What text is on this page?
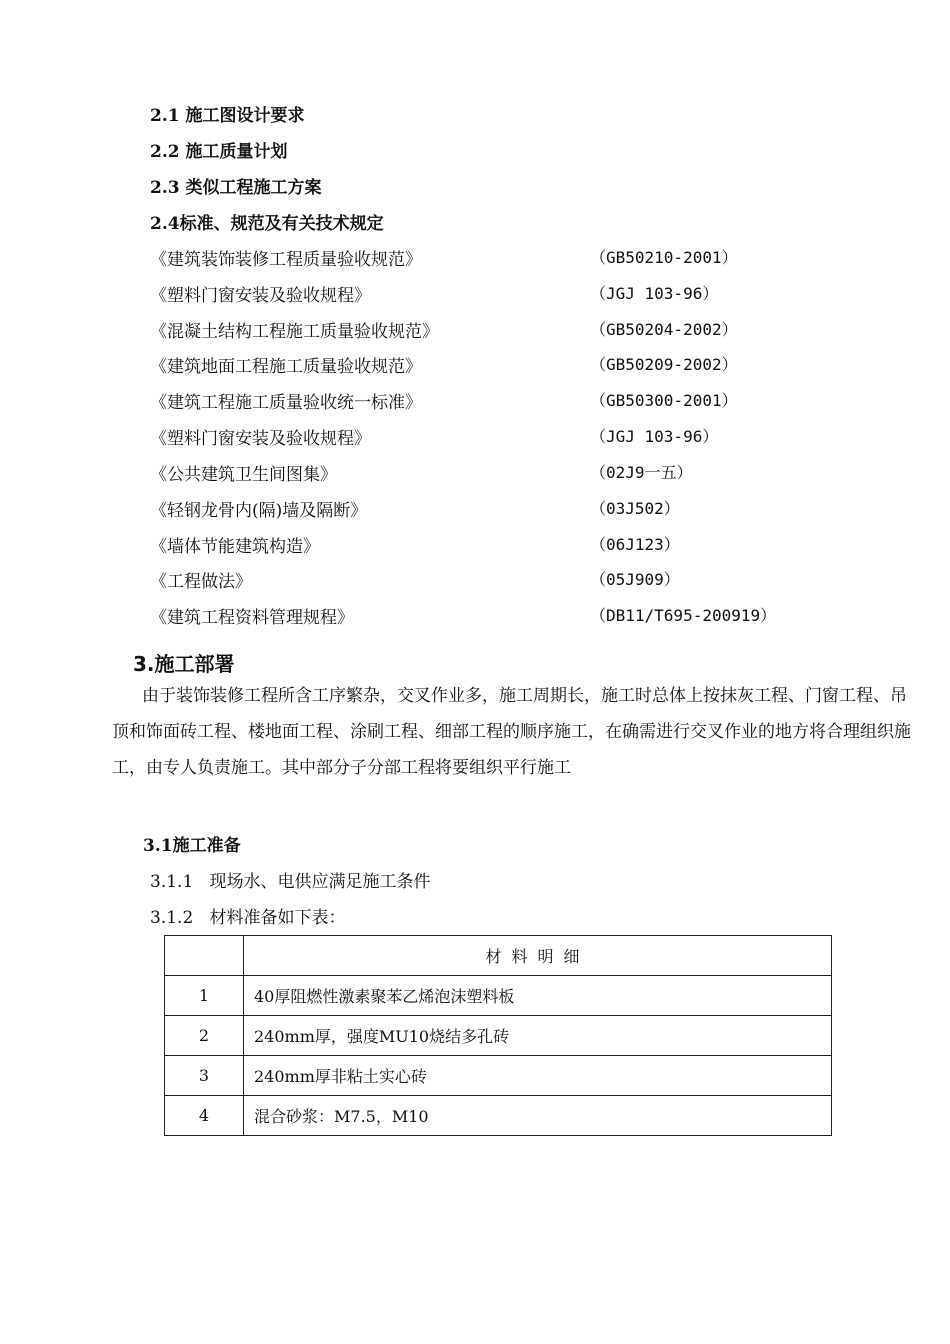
2.1 施工图设计要求
2.2 施工质量计划
2.3 类似工程施工方案
2.4标准、规范及有关技术规定
《建筑装饰装修工程质量验收规范》	（GB50210-2001）
《塑料门窗安装及验收规程》	（JGJ 103-96）
《混凝土结构工程施工质量验收规范》	（GB50204-2002）
《建筑地面工程施工质量验收规范》	（GB50209-2002）
《建筑工程施工质量验收统一标准》	（GB50300-2001）
《塑料门窗安装及验收规程》	（JGJ 103-96）
《公共建筑卫生间图集》	（02J9一五）
《轻钢龙骨内(隔)墙及隔断》	（03J502）
《墙体节能建筑构造》	（06J123）
《工程做法》	（05J909）
《建筑工程资料管理规程》	（DB11/T695-200919）
3.施工部署
由于装饰装修工程所含工序繁杂，交叉作业多，施工周期长，施工时总体上按抹灰工程、门窗工程、吊顶和饰面砖工程、楼地面工程、涂刷工程、细部工程的顺序施工，在确需进行交叉作业的地方将合理组织施工，由专人负责施工。其中部分子分部工程将要组织平行施工
3.1施工准备
3.1.1   现场水、电供应满足施工条件
3.1.2   材料准备如下表：
	材料明细
1	40厚阻燃性激素聚苯乙烯泡沫塑料板
2	240mm厚，强度MU10烧结多孔砖
3	240mm厚非粘土实心砖
4	混合砂浆：M7.5，M10
